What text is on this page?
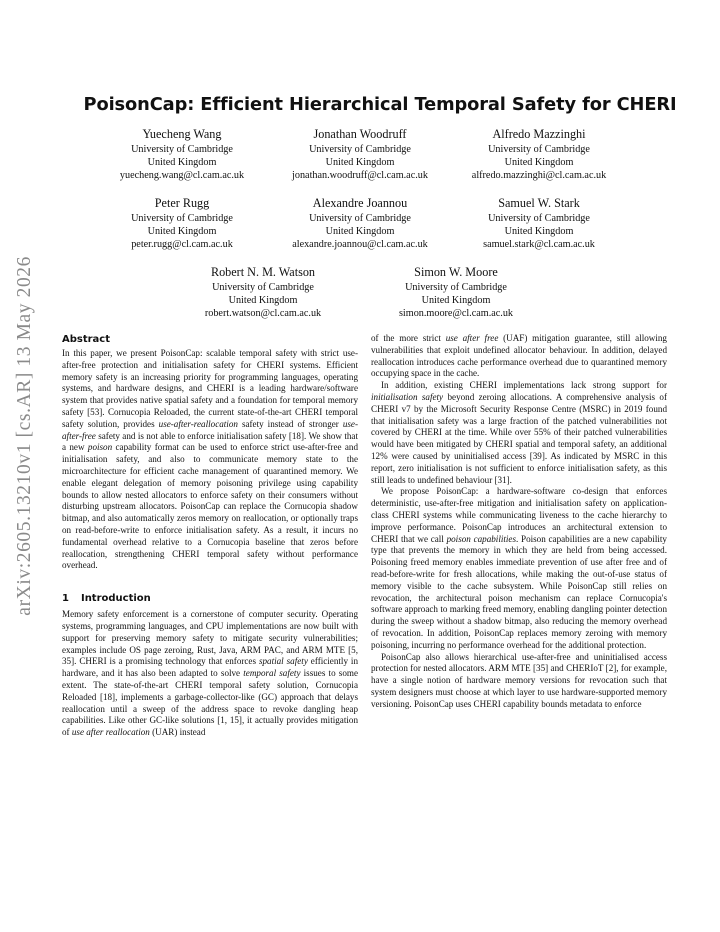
arXiv:2605.13210v1 [cs.AR] 13 May 2026
PoisonCap: Efficient Hierarchical Temporal Safety for CHERI
Yuecheng Wang
University of Cambridge
United Kingdom
yuecheng.wang@cl.cam.ac.uk
Jonathan Woodruff
University of Cambridge
United Kingdom
jonathan.woodruff@cl.cam.ac.uk
Alfredo Mazzinghi
University of Cambridge
United Kingdom
alfredo.mazzinghi@cl.cam.ac.uk
Peter Rugg
University of Cambridge
United Kingdom
peter.rugg@cl.cam.ac.uk
Alexandre Joannou
University of Cambridge
United Kingdom
alexandre.joannou@cl.cam.ac.uk
Samuel W. Stark
University of Cambridge
United Kingdom
samuel.stark@cl.cam.ac.uk
Robert N. M. Watson
University of Cambridge
United Kingdom
robert.watson@cl.cam.ac.uk
Simon W. Moore
University of Cambridge
United Kingdom
simon.moore@cl.cam.ac.uk
Abstract

In this paper, we present PoisonCap: scalable temporal safety with strict use-after-free protection and initialisation safety for CHERI systems. Efficient memory safety is an increasing priority for programming languages, operating systems, and hardware designs, and CHERI is a leading hardware/software system that provides native spatial safety and a foundation for temporal memory safety [53]. Cornucopia Reloaded, the current state-of-the-art CHERI temporal safety solution, provides use-after-reallocation safety instead of stronger use-after-free safety and is not able to enforce initialisation safety [18]. We show that a new poison capability format can be used to enforce strict use-after-free and initialisation safety, and also to communicate memory state to the microarchitecture for efficient cache management of quarantined memory. We enable elegant delegation of memory poisoning privilege using capability bounds to allow nested allocators to enforce safety on their consumers without disturbing upstream allocators. PoisonCap can replace the Cornucopia shadow bitmap, and also automatically zeros memory on reallocation, or optionally traps on read-before-write to enforce initialisation safety. As a result, it incurs no fundamental overhead relative to a Cornucopia baseline that zeros before reallocation, strengthening CHERI temporal safety without performance overhead.

1 Introduction

Memory safety enforcement is a cornerstone of computer security. Operating systems, programming languages, and CPU implementations are now built with support for preserving memory safety to mitigate security vulnerabilities; examples include OS page zeroing, Rust, Java, ARM PAC, and ARM MTE [5, 35]. CHERI is a promising technology that enforces spatial safety efficiently in hardware, and it has also been adapted to solve temporal safety issues to some extent. The state-of-the-art CHERI temporal safety solution, Cornucopia Reloaded [18], implements a garbage-collector-like (GC) approach that delays reallocation until a sweep of the address space to revoke dangling heap capabilities. Like other GC-like solutions [1, 15], it actually provides mitigation of use after reallocation (UAR) instead

of the more strict use after free (UAF) mitigation guarantee, still allowing vulnerabilities that exploit undefined allocator behaviour. In addition, delayed reallocation introduces cache performance overhead due to quarantined memory occupying space in the cache.

In addition, existing CHERI implementations lack strong support for initialisation safety beyond zeroing allocations. A comprehensive analysis of CHERI v7 by the Microsoft Security Response Centre (MSRC) in 2019 found that initialisation safety was a large fraction of the patched vulnerabilities not covered by CHERI at the time. While over 55% of their patched vulnerabilities would have been mitigated by CHERI spatial and temporal safety, an additional 12% were caused by uninitialised access [39]. As indicated by MSRC in this report, zero initialisation is not sufficient to enforce initialisation safety, as this still leads to undefined behaviour [31].

We propose PoisonCap: a hardware-software co-design that enforces deterministic, use-after-free mitigation and initialisation safety on application-class CHERI systems while communicating liveness to the cache hierarchy to improve performance. PoisonCap introduces an architectural extension to CHERI that we call poison capabilities. Poison capabilities are a new capability type that prevents the memory in which they are held from being accessed. Poisoning freed memory enables immediate prevention of use after free and of read-before-write for fresh allocations, while making the out-of-use status of memory visible to the cache subsystem. While PoisonCap still relies on revocation, the architectural poison mechanism can replace Cornucopia's software approach to marking freed memory, enabling dangling pointer detection during the sweep without a shadow bitmap, also reducing the memory overhead of revocation. In addition, PoisonCap replaces memory zeroing with memory poisoning, incurring no performance overhead for the additional protection.

PoisonCap also allows hierarchical use-after-free and uninitialised access protection for nested allocators. ARM MTE [35] and CHERIoT [2], for example, have a single notion of hardware memory versions for revocation such that system designers must choose at which layer to use hardware-supported memory versioning. PoisonCap uses CHERI capability bounds metadata to enforce
